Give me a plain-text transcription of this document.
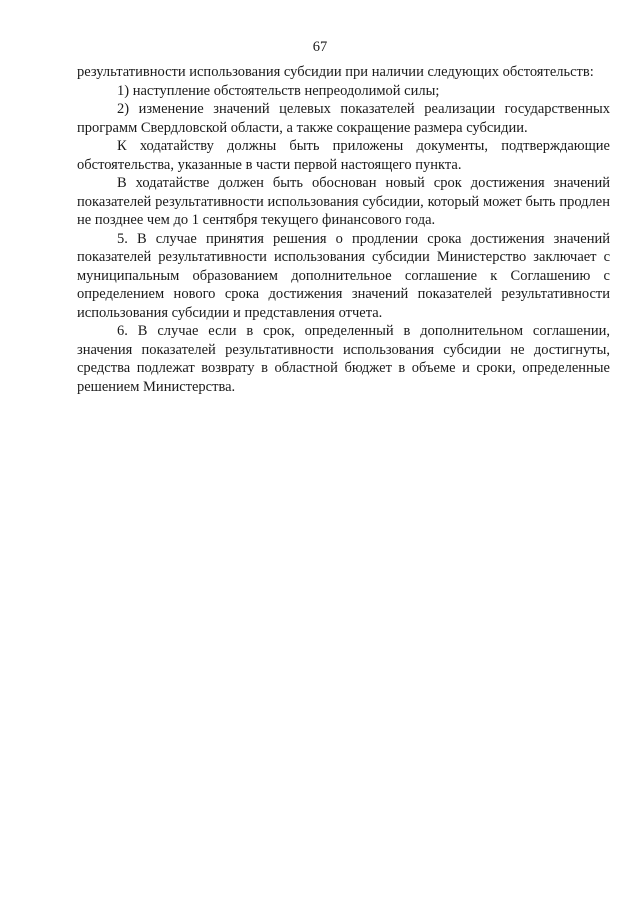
67

результативности использования субсидии при наличии следующих обстоятельств:

1) наступление обстоятельств непреодолимой силы;

2) изменение значений целевых показателей реализации государственных программ Свердловской области, а также сокращение размера субсидии.

К ходатайству должны быть приложены документы, подтверждающие обстоятельства, указанные в части первой настоящего пункта.

В ходатайстве должен быть обоснован новый срок достижения значений показателей результативности использования субсидии, который может быть продлен не позднее чем до 1 сентября текущего финансового года.

5. В случае принятия решения о продлении срока достижения значений показателей результативности использования субсидии Министерство заключает с муниципальным образованием дополнительное соглашение к Соглашению с определением нового срока достижения значений показателей результативности использования субсидии и представления отчета.

6. В случае если в срок, определенный в дополнительном соглашении, значения показателей результативности использования субсидии не достигнуты, средства подлежат возврату в областной бюджет в объеме и сроки, определенные решением Министерства.
